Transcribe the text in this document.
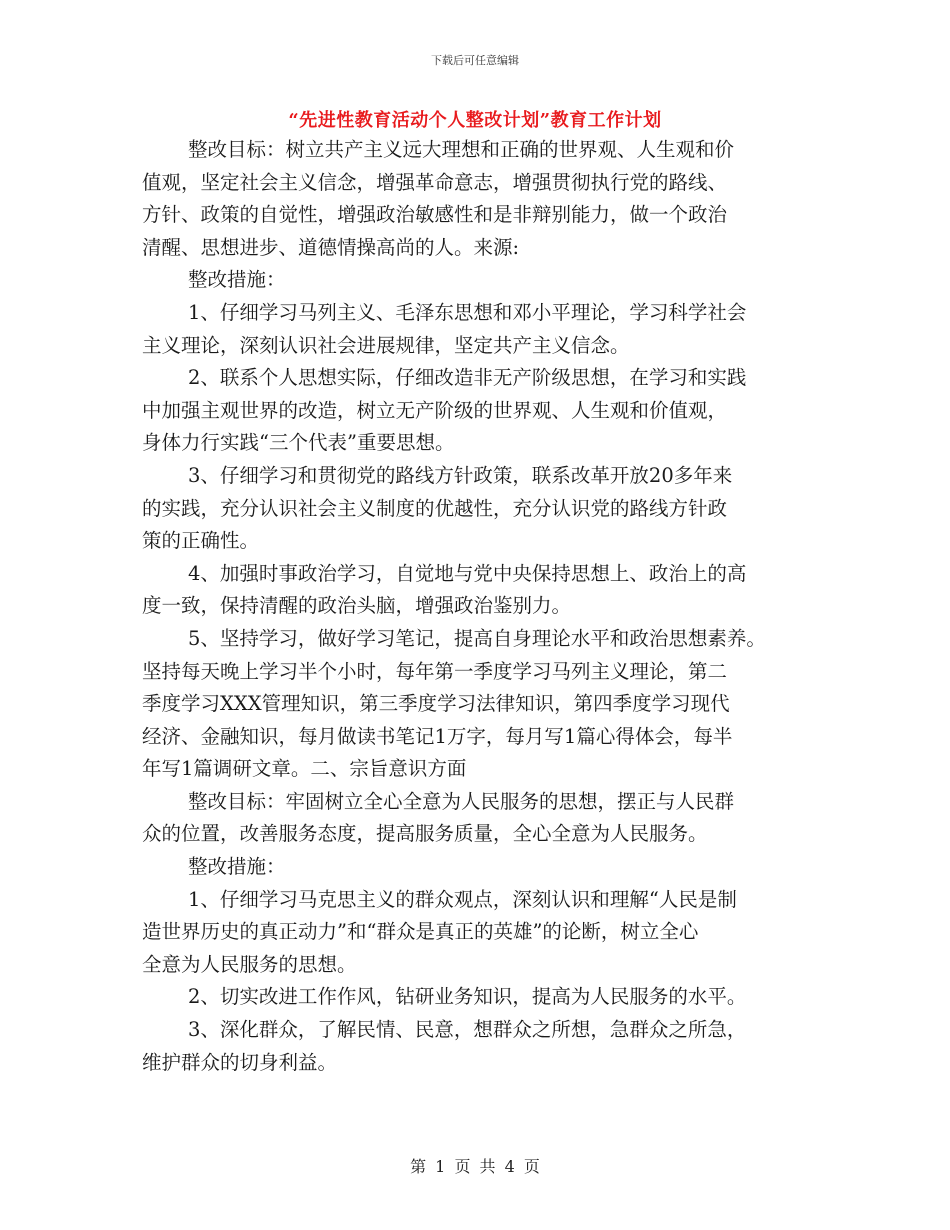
下载后可任意编辑
“先进性教育活动个人整改计划”教育工作计划
整改目标：树立共产主义远大理想和正确的世界观、人生观和价
值观，坚定社会主义信念，增强革命意志，增强贯彻执行党的路线、
方针、政策的自觉性，增强政治敏感性和是非辩别能力，做一个政治
清醒、思想进步、道德情操高尚的人。来源:
整改措施：
1、仔细学习马列主义、毛泽东思想和邓小平理论，学习科学社会
主义理论，深刻认识社会进展规律，坚定共产主义信念。
2、联系个人思想实际，仔细改造非无产阶级思想，在学习和实践
中加强主观世界的改造，树立无产阶级的世界观、人生观和价值观，
身体力行实践“三个代表”重要思想。
3、仔细学习和贯彻党的路线方针政策，联系改革开放20多年来
的实践，充分认识社会主义制度的优越性，充分认识党的路线方针政
策的正确性。
4、加强时事政治学习，自觉地与党中央保持思想上、政治上的高
度一致，保持清醒的政治头脑，增强政治鉴别力。
5、坚持学习，做好学习笔记，提高自身理论水平和政治思想素养。
坚持每天晚上学习半个小时，每年第一季度学习马列主义理论，第二
季度学习XXX管理知识，第三季度学习法律知识，第四季度学习现代
经济、金融知识，每月做读书笔记1万字，每月写1篇心得体会，每半
年写1篇调研文章。二、宗旨意识方面
整改目标：牢固树立全心全意为人民服务的思想，摆正与人民群
众的位置，改善服务态度，提高服务质量，全心全意为人民服务。
整改措施：
1、仔细学习马克思主义的群众观点，深刻认识和理解“人民是制
造世界历史的真正动力”和“群众是真正的英雄”的论断，树立全心
全意为人民服务的思想。
2、切实改进工作作风，钻研业务知识，提高为人民服务的水平。
3、深化群众，了解民情、民意，想群众之所想，急群众之所急，
维护群众的切身利益。
第 1 页 共 4 页
